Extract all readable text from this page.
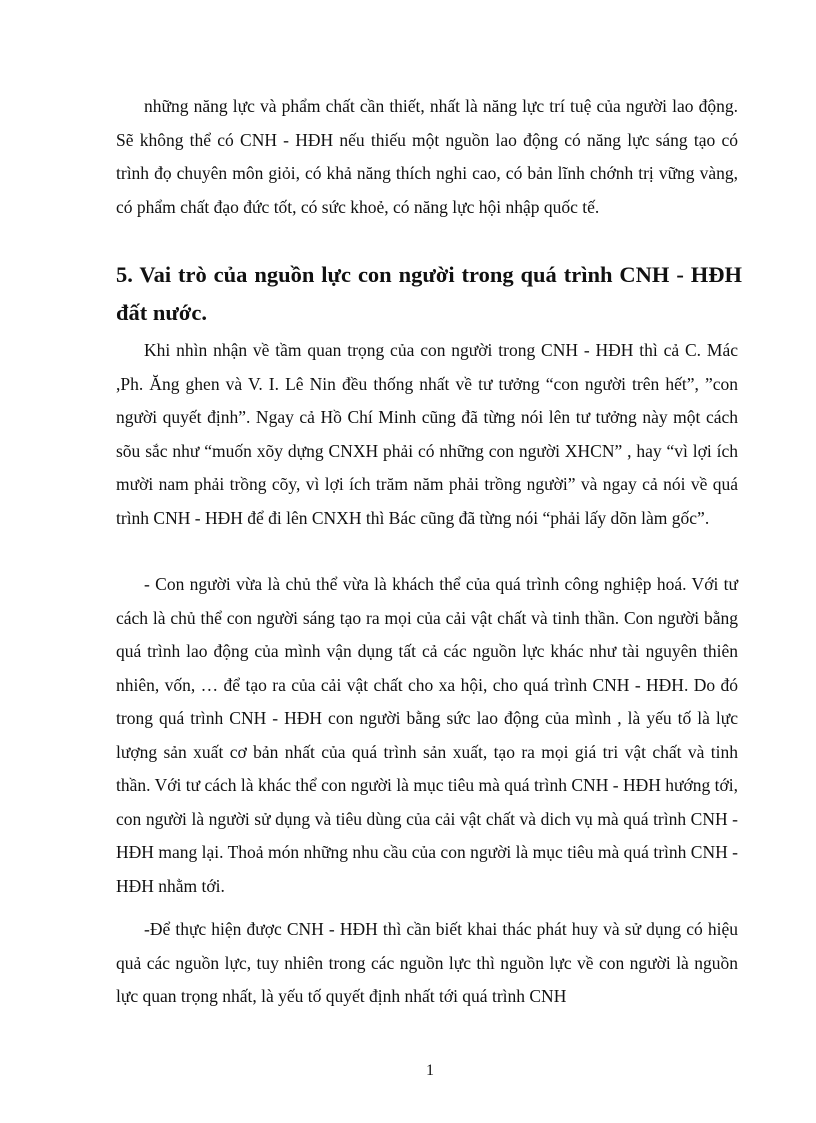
những năng lực và phẩm chất cần thiết, nhất là năng lực trí tuệ của người lao động. Sẽ không thể có CNH - HĐH nếu thiếu một nguồn lao động có năng lực sáng tạo có trình đọ chuyên môn giỏi, có khả năng thích nghi cao, có bản lĩnh chớnh trị vững vàng, có phẩm chất đạo đức tốt, có sức khoẻ, có năng lực hội nhập quốc tế.

5. Vai trò của nguồn lực con người trong quá trình CNH - HĐH đất nước.

Khi nhìn nhận về tầm quan trọng của con người trong CNH - HĐH thì cả C. Mác ,Ph. Ăng ghen và V. I. Lê Nin đều thống nhất về tư tưởng “con người trên hết”, ”con người quyết định”. Ngay cả Hồ Chí Minh cũng đã từng nói lên tư tưởng này một cách sõu sắc như “muốn xõy dựng CNXH phải có những con người XHCN” , hay “vì lợi ích mười nam phải trồng cõy, vì lợi ích trăm năm phải trồng người” và ngay cả nói về quá trình CNH - HĐH để đi lên CNXH thì Bác cũng đã từng nói “phải lấy dõn làm gốc”.

- Con người vừa là chủ thể vừa là khách thể của quá trình công nghiệp hoá. Với tư cách là chủ thể con người sáng tạo ra mọi của cải vật chất và tinh thần. Con người bằng quá trình lao động của mình vận dụng tất cả các nguồn lực khác như tài nguyên thiên nhiên, vốn, … để tạo ra của cải vật chất cho xa hội, cho quá trình CNH - HĐH. Do đó trong quá trình CNH - HĐH con người bằng sức lao động của mình , là yếu tố là lực lượng sản xuất cơ bản nhất của quá trình sản xuất, tạo ra mọi giá tri vật chất và tinh thần. Với tư cách là khác thể con người là mục tiêu mà quá trình CNH - HĐH hướng tới, con người là người sử dụng và tiêu dùng của cải vật chất và dich vụ mà quá trình CNH - HĐH mang lại. Thoả món những nhu cầu của con người là mục tiêu mà quá trình CNH - HĐH nhằm tới.

-Để thực hiện được CNH - HĐH thì cần biết khai thác phát huy và sử dụng có hiệu quả các nguồn lực, tuy nhiên trong các nguồn lực thì nguồn lực về con người là nguồn lực quan trọng nhất, là yếu tố quyết định nhất tới quá trình CNH

1
